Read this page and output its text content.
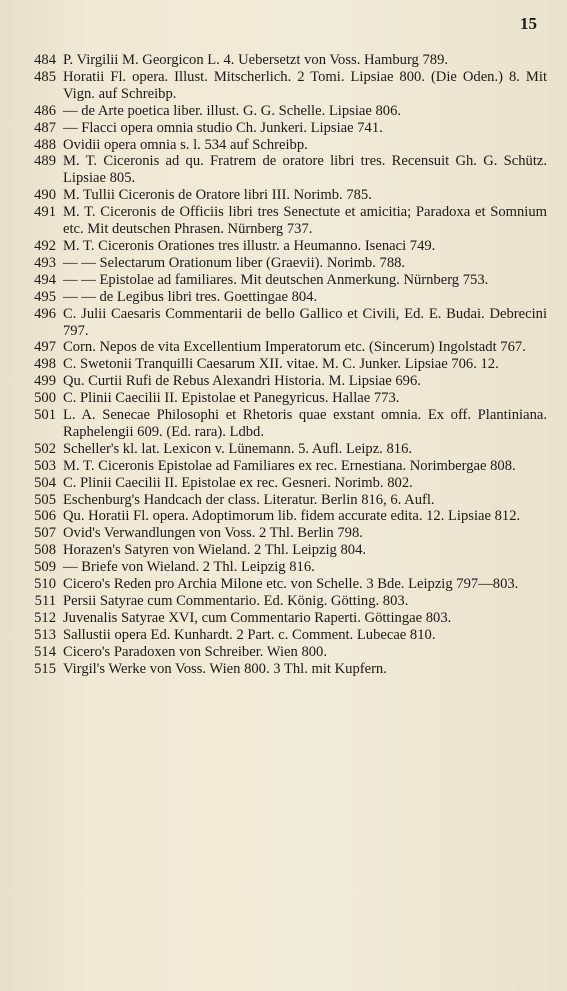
15
484 P. Virgilii M. Georgicon L. 4. Uebersetzt von Voss. Hamburg 789.
485 Horatii Fl. opera. Illust. Mitscherlich. 2 Tomi. Lipsiae 800. (Die Oden.) 8. Mit Vign. auf Schreibp.
486 — de Arte poetica liber. illust. G. G. Schelle. Lipsiae 806.
487 — Flacci opera omnia studio Ch. Junkeri. Lipsiae 741.
488 Ovidii opera omnia s. l. 534 auf Schreibp.
489 M. T. Ciceronis ad qu. Fratrem de oratore libri tres. Recensuit Gh. G. Schütz. Lipsiae 805.
490 M. Tullii Ciceronis de Oratore libri III. Norimb. 785.
491 M. T. Ciceronis de Officiis libri tres Senectute et amicitia; Paradoxa et Somnium etc. Mit deutschen Phrasen. Nürnberg 737.
492 M. T. Ciceronis Orationes tres illustr. a Heumanno. Isenaci 749.
493 — — Selectarum Orationum liber (Graevii). Norimb. 788.
494 — — Epistolae ad familiares. Mit deutschen Anmerkung. Nürnberg 753.
495 — — de Legibus libri tres. Goettingae 804.
496 C. Julii Caesaris Commentarii de bello Gallico et Civili, Ed. E. Budai. Debrecini 797.
497 Corn. Nepos de vita Excellentium Imperatorum etc. (Sincerum) Ingolstadt 767.
498 C. Swetonii Tranquilli Caesarum XII. vitae. M. C. Junker. Lipsiae 706. 12.
499 Qu. Curtii Rufi de Rebus Alexandri Historia. M. Lipsiae 696.
500 C. Plinii Caecilii II. Epistolae et Panegyricus. Hallae 773.
501 L. A. Senecae Philosophi et Rhetoris quae exstant omnia. Ex off. Plantiniana. Raphelengii 609. (Ed. rara). Ldbd.
502 Scheller's kl. lat. Lexicon v. Lünemann. 5. Aufl. Leipz. 816.
503 M. T. Ciceronis Epistolae ad Familiares ex rec. Ernestiana. Norimbergae 808.
504 C. Plinii Caecilii II. Epistolae ex rec. Gesneri. Norimb. 802.
505 Eschenburg's Handcach der class. Literatur. Berlin 816, 6. Aufl.
506 Qu. Horatii Fl. opera. Adoptimorum lib. fidem accurate edita. 12. Lipsiae 812.
507 Ovid's Verwandlungen von Voss. 2 Thl. Berlin 798.
508 Horazen's Satyren von Wieland. 2 Thl. Leipzig 804.
509 — Briefe von Wieland. 2 Thl. Leipzig 816.
510 Cicero's Reden pro Archia Milone etc. von Schelle. 3 Bde. Leipzig 797—803.
511 Persii Satyrae cum Commentario. Ed. König. Götting. 803.
512 Juvenalis Satyrae XVI, cum Commentario Raperti. Göttingae 803.
513 Sallustii opera Ed. Kunhardt. 2 Part. c. Comment. Lubecae 810.
514 Cicero's Paradoxen von Schreiber. Wien 800.
515 Virgil's Werke von Voss. Wien 800. 3 Thl. mit Kupfern.
